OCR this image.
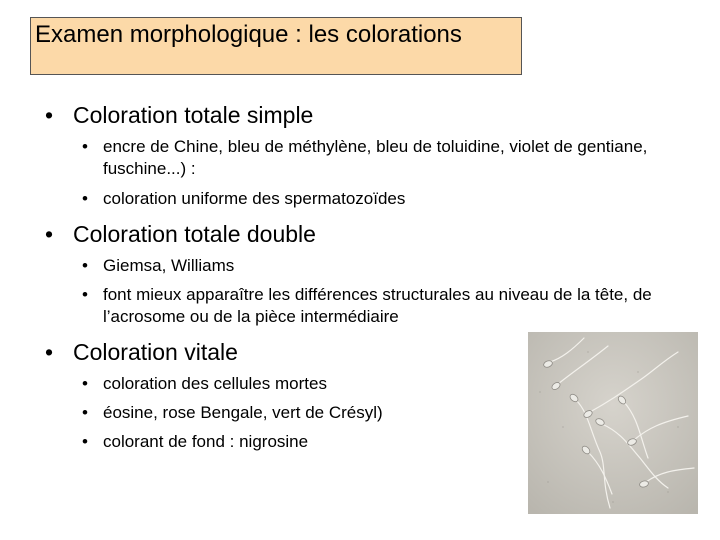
Examen morphologique : les colorations
• Coloration totale simple
• encre de Chine, bleu de méthylène, bleu de toluidine, violet de gentiane, fuschine...) :
• coloration uniforme des spermatozoïdes
• Coloration totale double
• Giemsa, Williams
• font mieux apparaître les différences structurales au niveau de la tête, de l’acrosome ou de la pièce intermédiaire
• Coloration vitale
• coloration des cellules mortes
• éosine, rose Bengale, vert de Crésyl)
• colorant de fond : nigrosine
